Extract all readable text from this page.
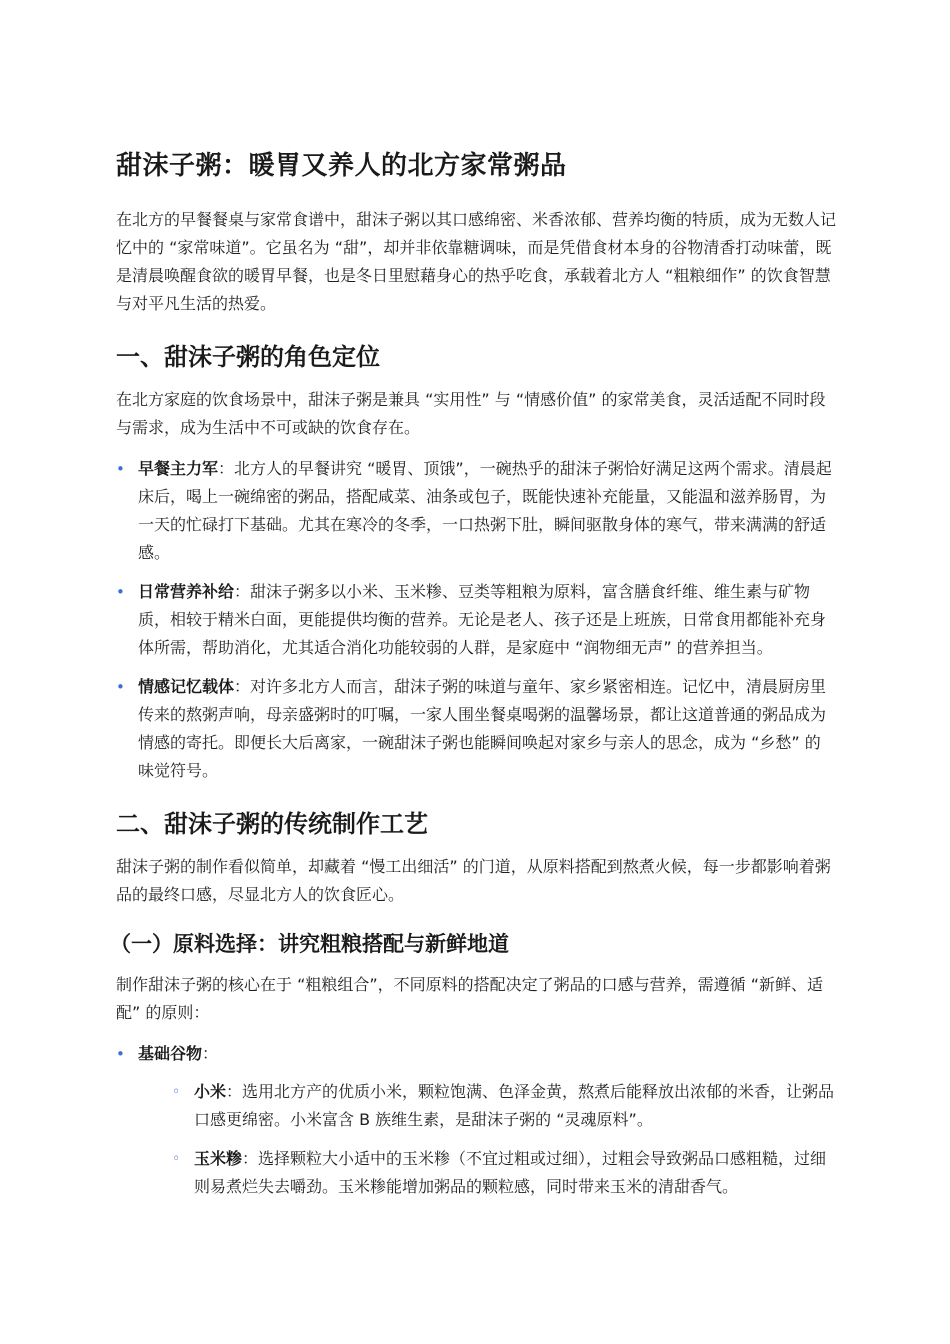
甜沫子粥：暖胃又养人的北方家常粥品

在北方的早餐餐桌与家常食谱中，甜沫子粥以其口感绵密、米香浓郁、营养均衡的特质，成为无数人记忆中的 “家常味道”。它虽名为 “甜”，却并非依靠糖调味，而是凭借食材本身的谷物清香打动味蕾，既是清晨唤醒食欲的暖胃早餐，也是冬日里慰藉身心的热乎吃食，承载着北方人 “粗粮细作” 的饮食智慧与对平凡生活的热爱。

一、甜沫子粥的角色定位

在北方家庭的饮食场景中，甜沫子粥是兼具 “实用性” 与 “情感价值” 的家常美食，灵活适配不同时段与需求，成为生活中不可或缺的饮食存在。

• 早餐主力军：北方人的早餐讲究 “暖胃、顶饿”，一碗热乎的甜沫子粥恰好满足这两个需求。清晨起床后，喝上一碗绵密的粥品，搭配咸菜、油条或包子，既能快速补充能量，又能温和滋养肠胃，为一天的忙碌打下基础。尤其在寒冷的冬季，一口热粥下肚，瞬间驱散身体的寒气，带来满满的舒适感。
• 日常营养补给：甜沫子粥多以小米、玉米糁、豆类等粗粮为原料，富含膳食纤维、维生素与矿物质，相较于精米白面，更能提供均衡的营养。无论是老人、孩子还是上班族，日常食用都能补充身体所需，帮助消化，尤其适合消化功能较弱的人群，是家庭中 “润物细无声” 的营养担当。
• 情感记忆载体：对许多北方人而言，甜沫子粥的味道与童年、家乡紧密相连。记忆中，清晨厨房里传来的熬粥声响，母亲盛粥时的叮嘱，一家人围坐餐桌喝粥的温馨场景，都让这道普通的粥品成为情感的寄托。即便长大后离家，一碗甜沫子粥也能瞬间唤起对家乡与亲人的思念，成为 “乡愁” 的味觉符号。
二、甜沫子粥的传统制作工艺

甜沫子粥的制作看似简单，却藏着 “慢工出细活” 的门道，从原料搭配到熬煮火候，每一步都影响着粥品的最终口感，尽显北方人的饮食匠心。

（一）原料选择：讲究粗粮搭配与新鲜地道

制作甜沫子粥的核心在于 “粗粮组合”，不同原料的搭配决定了粥品的口感与营养，需遵循 “新鲜、适配” 的原则：

• 基础谷物：
◦ 小米：选用北方产的优质小米，颗粒饱满、色泽金黄，熬煮后能释放出浓郁的米香，让粥品口感更绵密。小米富含 B 族维生素，是甜沫子粥的 “灵魂原料”。
◦ 玉米糁：选择颗粒大小适中的玉米糁（不宜过粗或过细），过粗会导致粥品口感粗糙，过细则易煮烂失去嚼劲。玉米糁能增加粥品的颗粒感，同时带来玉米的清甜香气。
